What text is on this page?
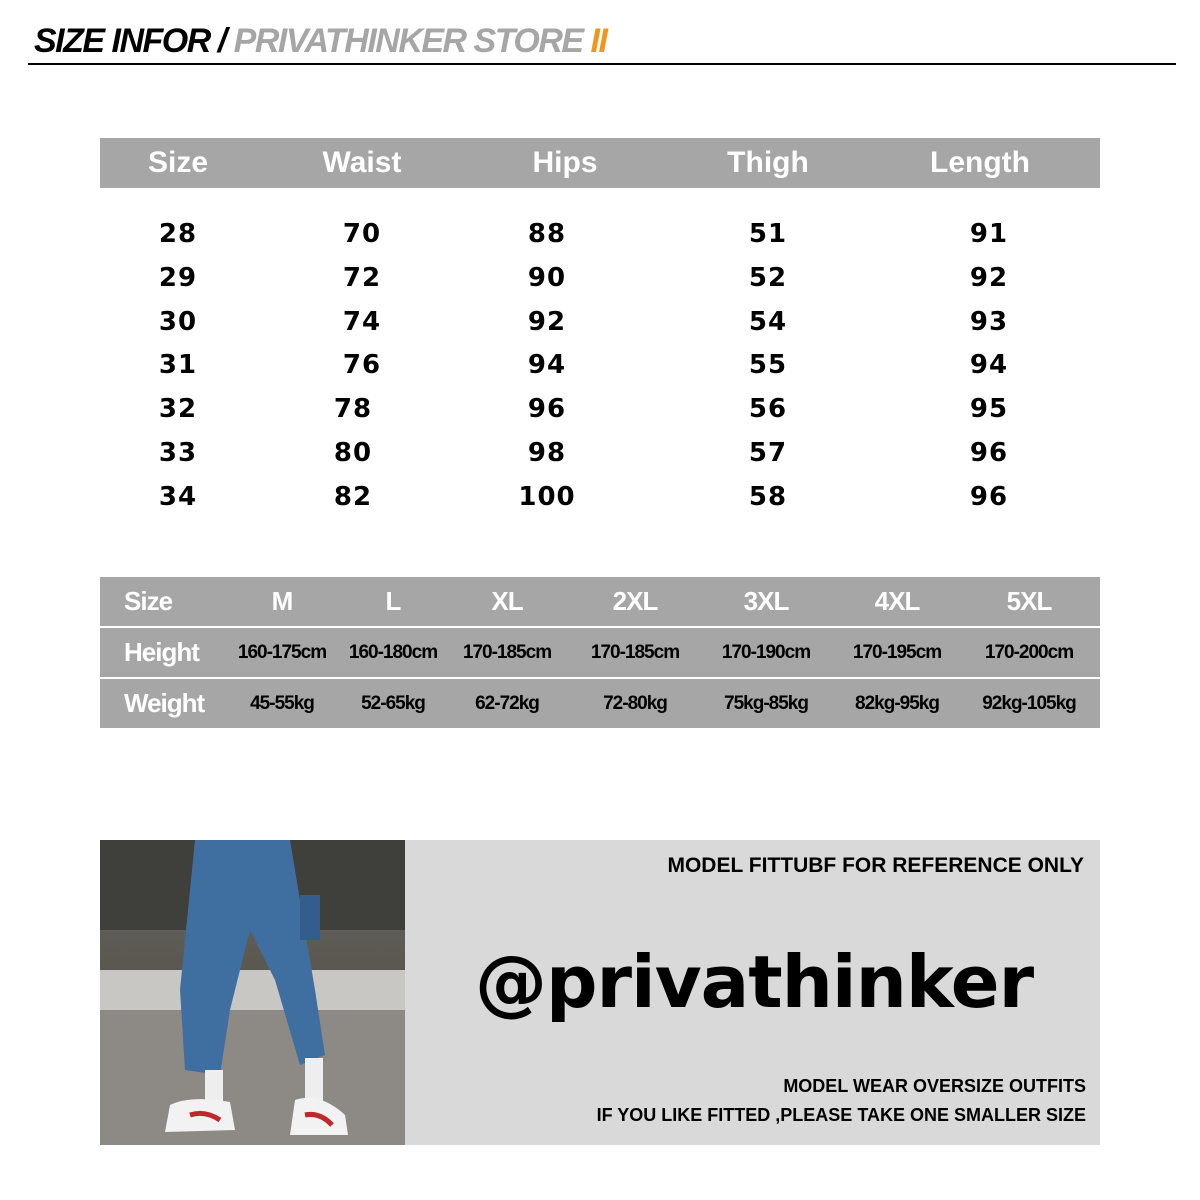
SIZE INFOR / PRIVATHINKER STORE II
Size	Waist	Hips	Thigh	Length
28	70	88	51	91
29	72	90	52	92
30	74	92	54	93
31	76	94	55	94
32	78	96	56	95
33	80	98	57	96
34	82	100	58	96
Size	M	L	XL	2XL	3XL	4XL	5XL
Height 160-175cm 160-180cm 170-185cm 170-185cm 170-190cm 170-195cm 170-200cm
Weight 45-55kg 52-65kg	62-72kg	72-80kg	75kg-85kg 82kg-95kg 92kg-105kg
MODEL FITTUBF FOR REFERENCE ONLY
@privathinker
MODEL WEAR OVERSIZE OUTFITS
IF YOU LIKE FITTED ,PLEASE TAKE ONE SMALLER SIZE
